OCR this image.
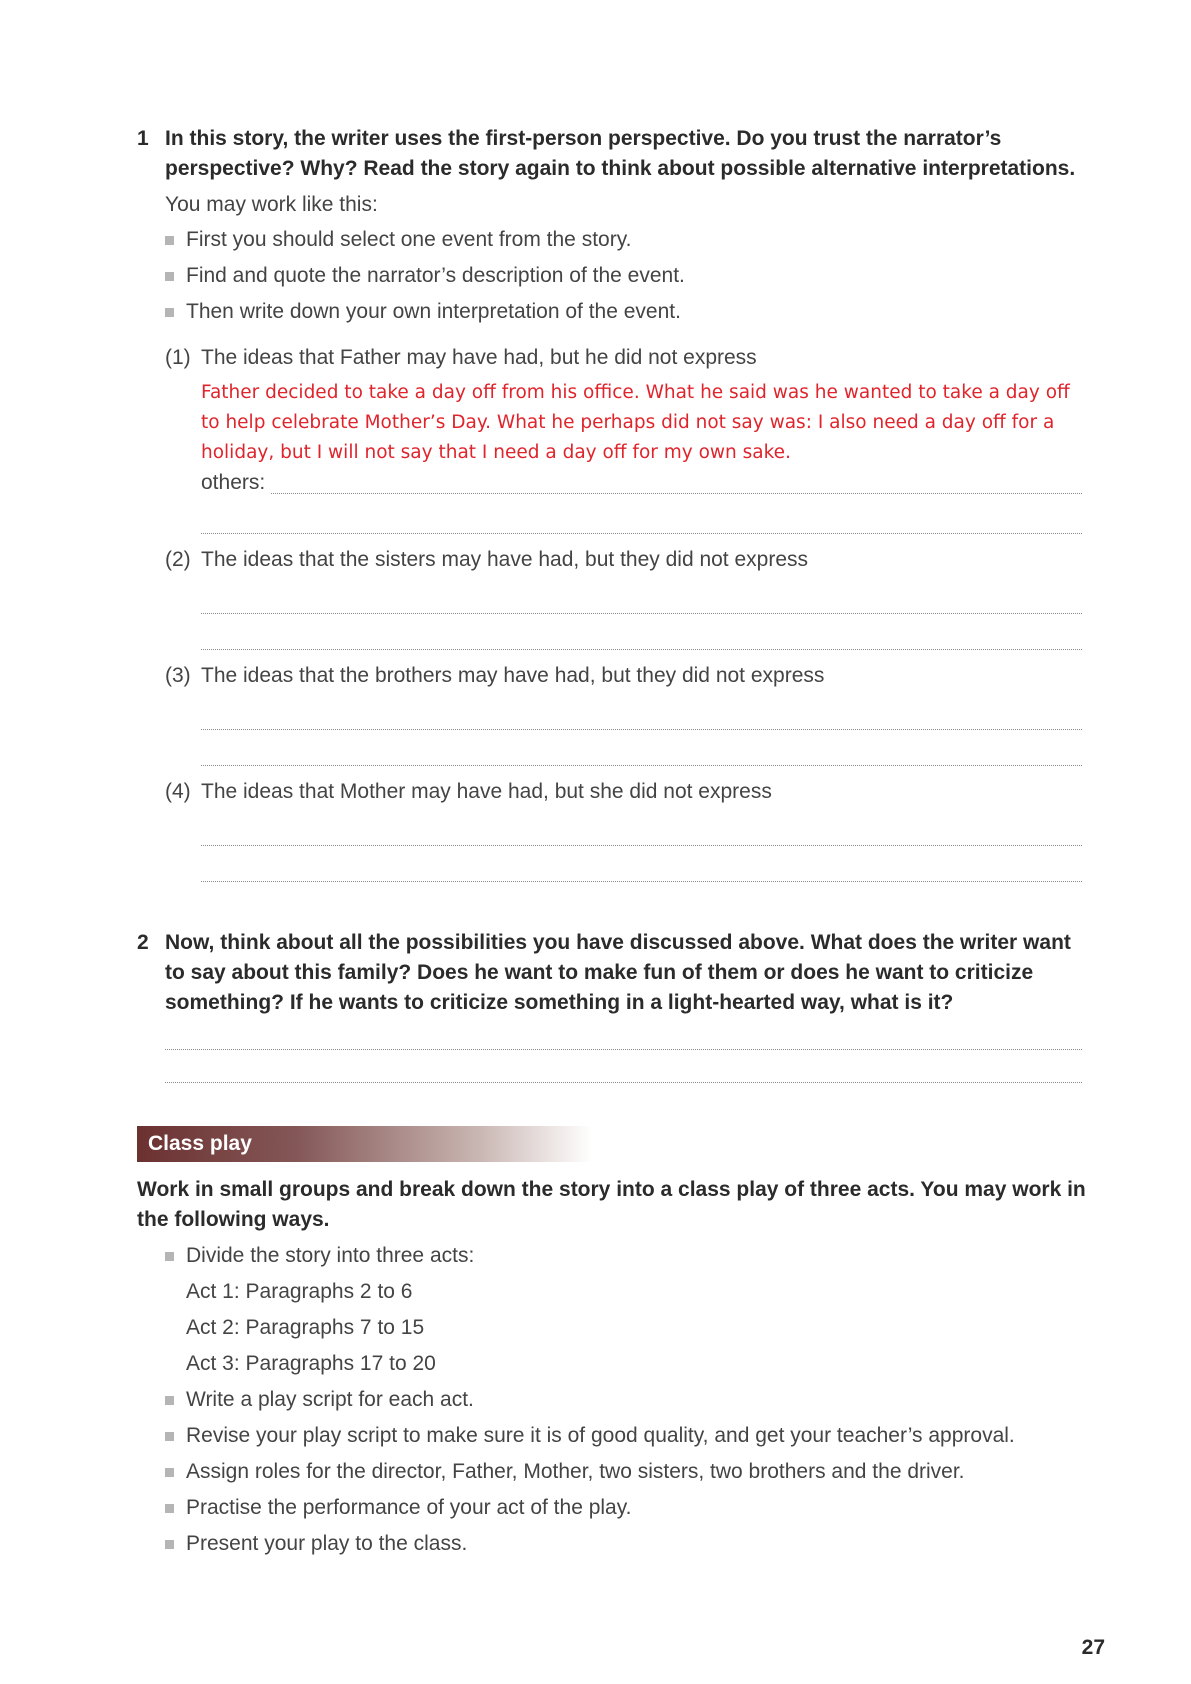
1 In this story, the writer uses the first-person perspective. Do you trust the narrator’s perspective? Why? Read the story again to think about possible alternative interpretations.
You may work like this:
First you should select one event from the story.
Find and quote the narrator’s description of the event.
Then write down your own interpretation of the event.
(1) The ideas that Father may have had, but he did not express
Father decided to take a day off from his office. What he said was he wanted to take a day off to help celebrate Mother’s Day. What he perhaps did not say was: I also need a day off for a holiday, but I will not say that I need a day off for my own sake.
others:
(2) The ideas that the sisters may have had, but they did not express
(3) The ideas that the brothers may have had, but they did not express
(4) The ideas that Mother may have had, but she did not express
2 Now, think about all the possibilities you have discussed above. What does the writer want to say about this family? Does he want to make fun of them or does he want to criticize something? If he wants to criticize something in a light-hearted way, what is it?
Class play
Work in small groups and break down the story into a class play of three acts. You may work in the following ways.
Divide the story into three acts:
Act 1: Paragraphs 2 to 6
Act 2: Paragraphs 7 to 15
Act 3: Paragraphs 17 to 20
Write a play script for each act.
Revise your play script to make sure it is of good quality, and get your teacher’s approval.
Assign roles for the director, Father, Mother, two sisters, two brothers and the driver.
Practise the performance of your act of the play.
Present your play to the class.
27
